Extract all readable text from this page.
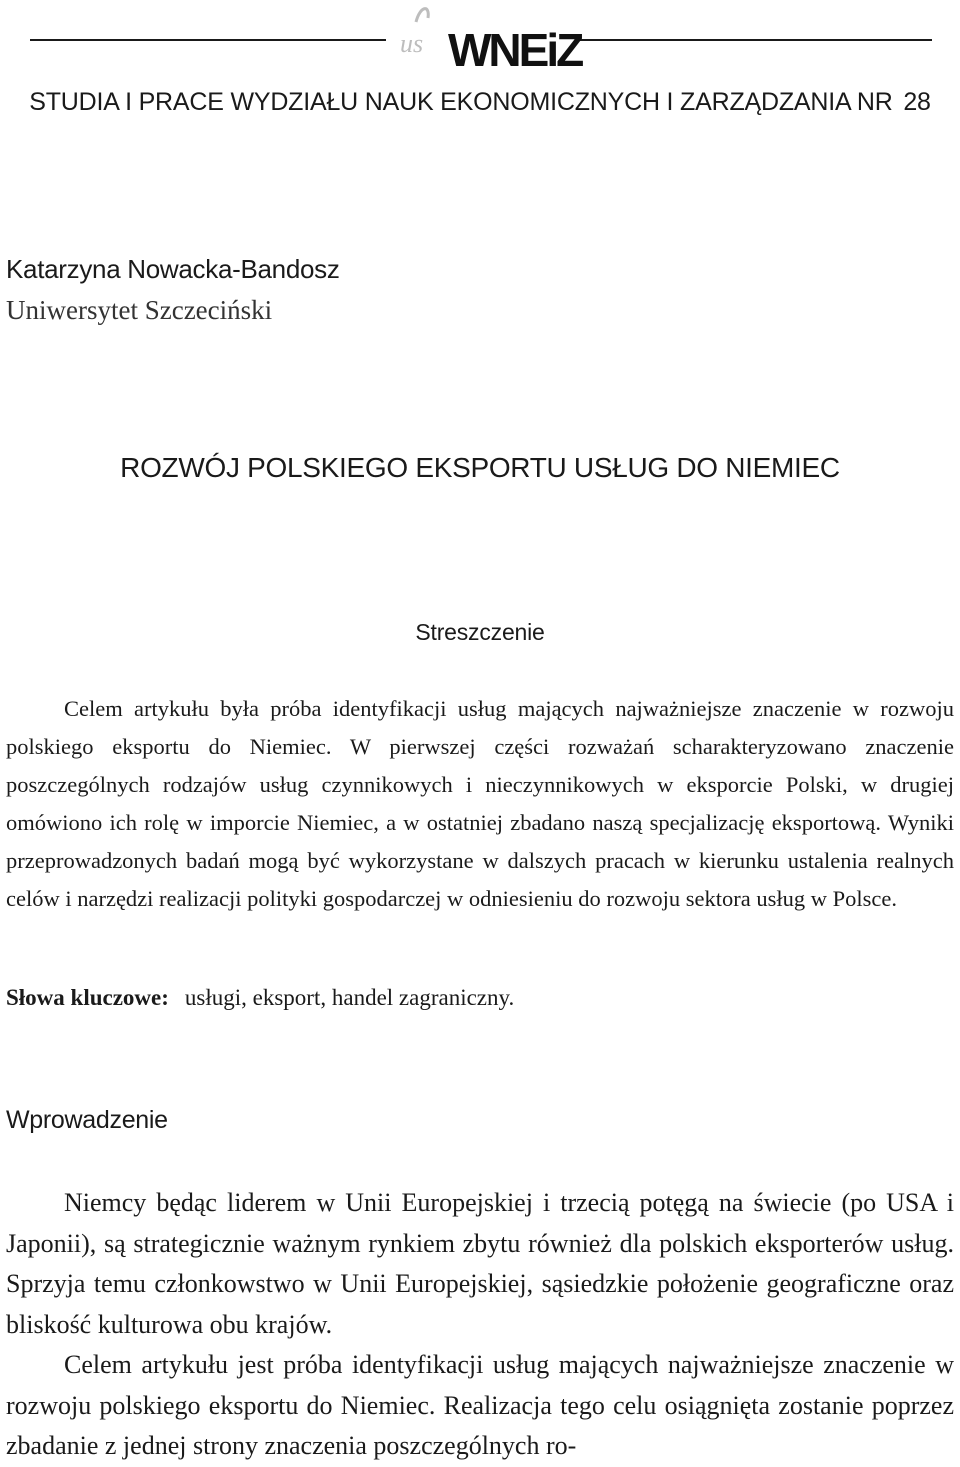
us WNEiZ
STUDIA I PRACE WYDZIAŁU NAUK EKONOMICZNYCH I ZARZĄDZANIA NR 28
Katarzyna Nowacka-Bandosz
Uniwersytet Szczeciński
ROZWÓJ POLSKIEGO EKSPORTU USŁUG DO NIEMIEC
Streszczenie

Celem artykułu była próba identyfikacji usług mających najważniejsze znaczenie w rozwoju polskiego eksportu do Niemiec. W pierwszej części rozważań scharakteryzowano znaczenie poszczególnych rodzajów usług czynnikowych i nieczynnikowych w eksporcie Polski, w drugiej omówiono ich rolę w imporcie Niemiec, a w ostatniej zbadano naszą specjalizację eksportową. Wyniki przeprowadzonych badań mogą być wykorzystane w dalszych pracach w kierunku ustalenia realnych celów i narzędzi realizacji polityki gospodarczej w odniesieniu do rozwoju sektora usług w Polsce.

Słowa kluczowe: usługi, eksport, handel zagraniczny.
Wprowadzenie

Niemcy będąc liderem w Unii Europejskiej i trzecią potęgą na świecie (po USA i Japonii), są strategicznie ważnym rynkiem zbytu również dla polskich eksporterów usług. Sprzyja temu członkowstwo w Unii Europejskiej, sąsiedzkie położenie geograficzne oraz bliskość kulturowa obu krajów.

Celem artykułu jest próba identyfikacji usług mających najważniejsze znaczenie w rozwoju polskiego eksportu do Niemiec. Realizacja tego celu osiągnięta zostanie poprzez zbadanie z jednej strony znaczenia poszczególnych ro-
